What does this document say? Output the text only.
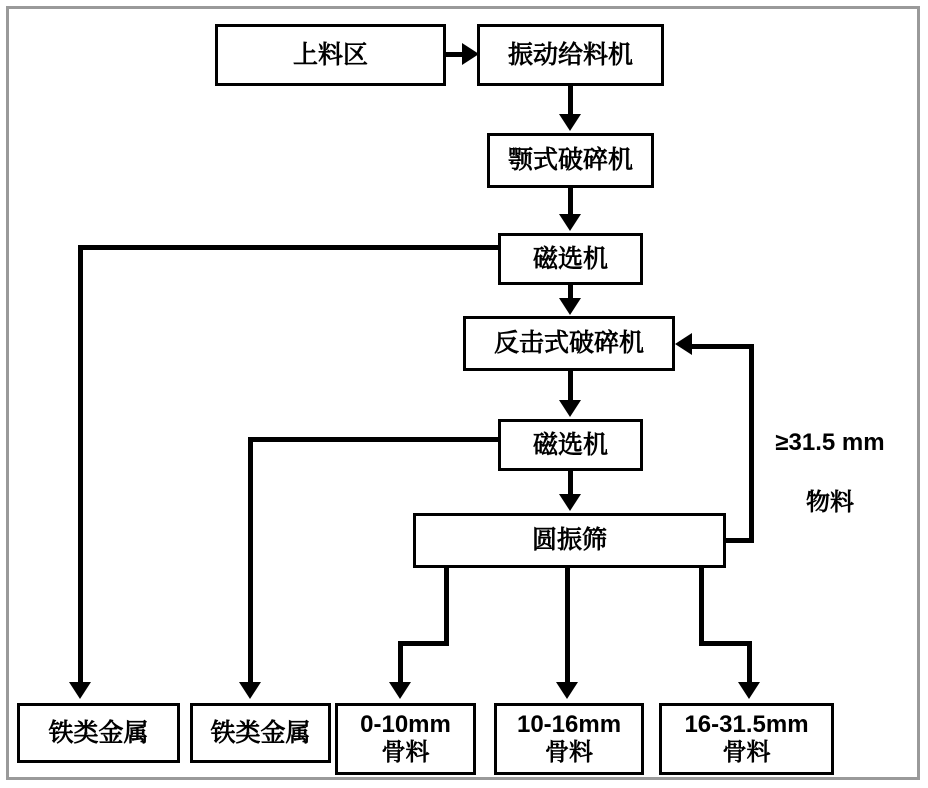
上料区	振动给料机
颚式破碎机
磁选机
反击式破碎机
磁选机
圆振筛
铁类金属	铁类金属	0-10mm
骨料
10-16mm
骨料
16-31.5mm
骨料

≥31.5 mm

物料
